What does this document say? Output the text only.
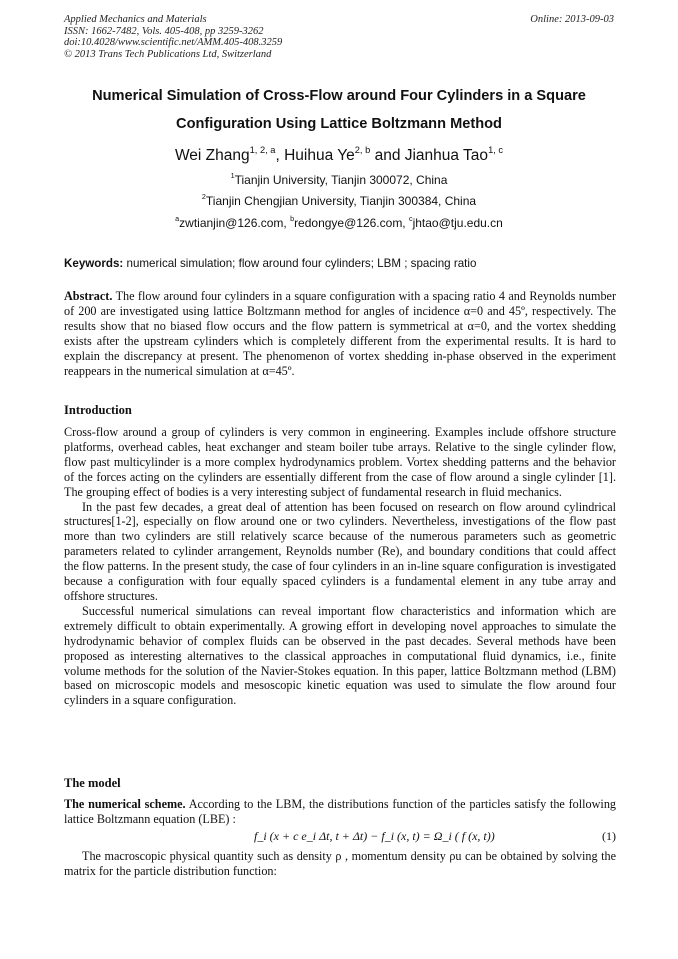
Applied Mechanics and Materials
ISSN: 1662-7482, Vols. 405-408, pp 3259-3262
doi:10.4028/www.scientific.net/AMM.405-408.3259
© 2013 Trans Tech Publications Ltd, Switzerland
Online: 2013-09-03
Numerical Simulation of Cross-Flow around Four Cylinders in a Square
Configuration Using Lattice Boltzmann Method
Wei Zhang$^{1, 2, a}$, Huihua Ye$^{2, b}$ and Jianhua Tao$^{1, c}$
$^1$Tianjin University, Tianjin 300072, China
$^2$Tianjin Chengjian University, Tianjin 300384, China
$^a$zwtianjin@126.com, $^b$redongye@126.com, $^c$jhtao@tju.edu.cn
Keywords: numerical simulation; flow around four cylinders; LBM ; spacing ratio
Abstract. The flow around four cylinders in a square configuration with a spacing ratio 4 and Reynolds number of 200 are investigated using lattice Boltzmann method for angles of incidence α=0 and 45º, respectively. The results show that no biased flow occurs and the flow pattern is symmetrical at α=0, and the vortex shedding exists after the upstream cylinders which is completely different from the experimental results. It is hard to explain the discrepancy at present. The phenomenon of vortex shedding in-phase observed in the experiment reappears in the numerical simulation at α=45º.
Introduction

Cross-flow around a group of cylinders is very common in engineering. Examples include offshore structure platforms, overhead cables, heat exchanger and steam boiler tube arrays. Relative to the single cylinder flow, flow past multicylinder is a more complex hydrodynamics problem. Vortex shedding patterns and the behavior of the forces acting on the cylinders are essentially different from the case of flow around a single cylinder [1]. The grouping effect of bodies is a very interesting subject of fundamental research in fluid mechanics.

In the past few decades, a great deal of attention has been focused on research on flow around cylindrical structures[1-2], especially on flow around one or two cylinders. Nevertheless, investigations of the flow past more than two cylinders are still relatively scarce because of the numerous parameters such as geometric parameters related to cylinder arrangement, Reynolds number (Re), and boundary conditions that could affect the flow patterns. In the present study, the case of four cylinders in an in-line square configuration is investigated because a configuration with four equally spaced cylinders is a fundamental element in any tube array and offshore structures.

Successful numerical simulations can reveal important flow characteristics and information which are extremely difficult to obtain experimentally. A growing effort in developing novel approaches to simulate the hydrodynamic behavior of complex fluids can be observed in the past decades. Several methods have been proposed as interesting alternatives to the classical approaches in computational fluid dynamics, i.e., finite volume methods for the solution of the Navier-Stokes equation. In this paper, lattice Boltzmann method (LBM) based on microscopic models and mesoscopic kinetic equation was used to simulate the flow around four cylinders in a square configuration.

The model
The numerical scheme. According to the LBM, the distributions function of the particles satisfy the following lattice Boltzmann equation (LBE) :
f_i (x + c e_i Δt, t + Δt) − f_i (x, t) = Ω_i ( f (x, t))	(1)
The macroscopic physical quantity such as density ρ , momentum density ρu can be obtained by solving the matrix for the particle distribution function:
